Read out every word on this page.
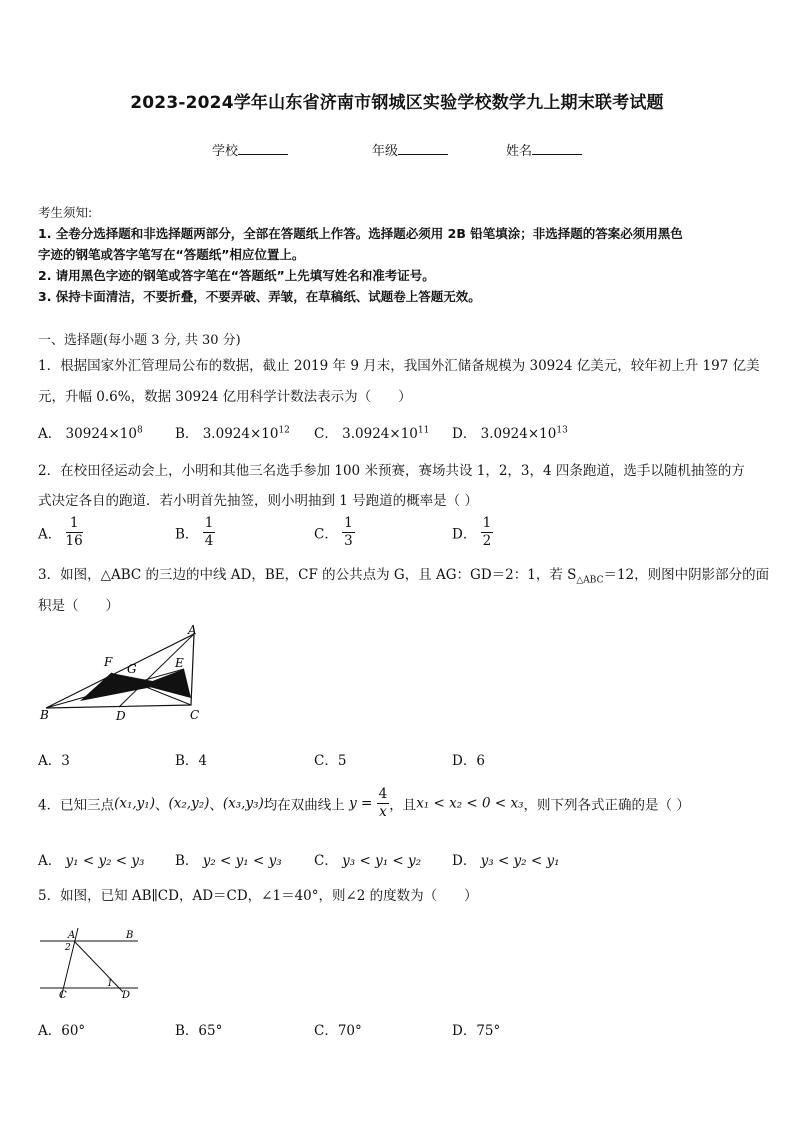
2023-2024学年山东省济南市钢城区实验学校数学九上期末联考试题
学校	年级	姓名
考生须知:
1. 全卷分选择题和非选择题两部分，全部在答题纸上作答。选择题必须用 2B 铅笔填涂；非选择题的答案必须用黑色
字迹的钢笔或答字笔写在“答题纸”相应位置上。
2. 请用黑色字迹的钢笔或答字笔在“答题纸”上先填写姓名和准考证号。
3. 保持卡面清洁，不要折叠，不要弄破、弄皱，在草稿纸、试题卷上答题无效。
一、选择题(每小题 3 分, 共 30 分)
1．根据国家外汇管理局公布的数据，截止 2019 年 9 月末，我国外汇储备规模为 30924 亿美元，较年初上升 197 亿美
元，升幅 0.6%，数据 30924 亿用科学计数法表示为（　　）
A． $30924\times 10^8$ B． $3.0924\times 10^{12}$ C． $3.0924\times 10^{11}$ D． $3.0924\times 10^{13}$
2．在校田径运动会上，小明和其他三名选手参加 100 米预赛，赛场共设 1，2，3，4 四条跑道，选手以随机抽签的方
式决定各自的跑道．若小明首先抽签，则小明抽到 1 号跑道的概率是（ ）
A． $\frac{1}{16}$	B． $\frac{1}{4}$	C． $\frac{1}{3}$	D． $\frac{1}{2}$
3．如图，△ABC 的三边的中线 AD，BE，CF 的公共点为 G，且 AG：GD＝2：1，若 $S_{\triangle ABC}=12$，则图中阴影部分的面
积是（　　）
A
B	C
D
E
F G
A．3	B．4	C．5	D．6
4．已知三点(x₁,y₁)、(x₂,y₂)、(x₃,y₃)均在双曲线上 $y = \frac{4}{x}$ ，且x₁ < x₂ < 0 < x₃，则下列各式正确的是（ ）
A． y₁ < y₂ < y₃ B． y₂ < y₁ < y₃ C． y₃ < y₁ < y₂ D． y₃ < y₂ < y₁
5．如图，已知 AB∥CD，AD＝CD，∠1＝40°，则∠2 的度数为（　　）
A	B
C	D
1
2
A．60°	B．65°	C．70°	D．75°
